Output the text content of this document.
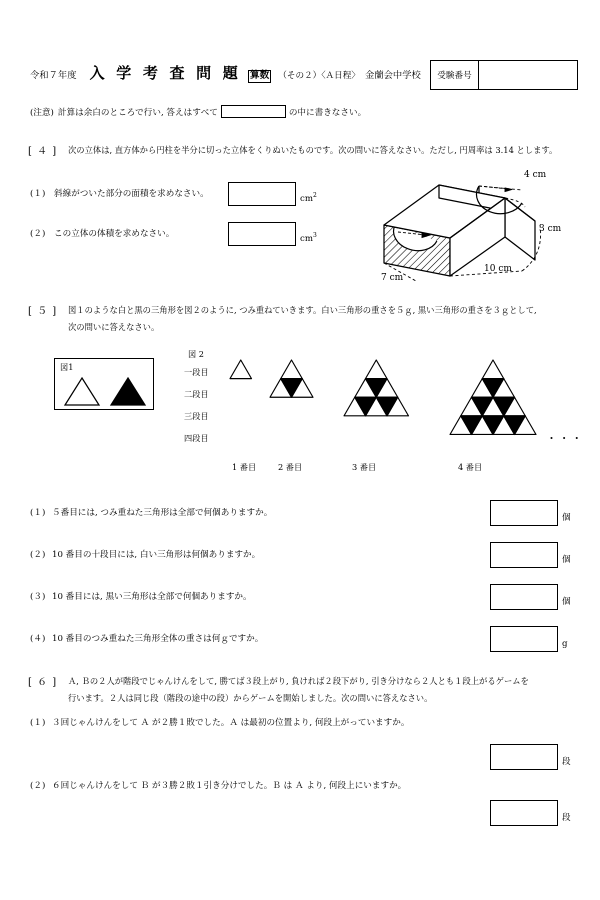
令和７年度 入 学 考 査 問 題 算数 （その２）〈Ａ日程〉 金蘭会中学校	受験番号
(注意) 計算は余白のところで行い, 答えはすべて	の中に書きなさい。
[ ４ ] 次の立体は, 直方体から円柱を半分に切った立体をくりぬいたものです。次の問いに答えなさい。ただし, 円周率は 3.14 とします。
(１) 斜線がついた部分の面積を求めなさい。	$cm^2$
(２) この立体の体積を求めなさい。	$cm^3$
4 cm
3 cm
7 cm
10 cm
[ ５ ] 図１のような白と黒の三角形を図２のように, つみ重ねていきます。白い三角形の重さを５ｇ, 黒い三角形の重さを３ｇとして,
次の問いに答えなさい。
図1
図 2
一段目
二段目
三段目
四段目	・・・
1 番目	2 番目	3 番目	4 番目
(１) ５番目には, つみ重ねた三角形は全部で何個ありますか。	個
(２) 10 番目の十段目には, 白い三角形は何個ありますか。	個
(３) 10 番目には, 黒い三角形は全部で何個ありますか。	個
(４) 10 番目のつみ重ねた三角形全体の重さは何ｇですか。	g
[ ６ ] Ａ, Ｂの２人が階段でじゃんけんをして, 勝てば３段上がり, 負ければ２段下がり, 引き分けなら２人とも１段上がるゲームを
行います。２人は同じ段（階段の途中の段）からゲームを開始しました。次の問いに答えなさい。
(１) ３回じゃんけんをして Ａ が２勝１敗でした。Ａ は最初の位置より, 何段上がっていますか。
段
(２) ６回じゃんけんをして Ｂ が３勝２敗１引き分けでした。Ｂ は Ａ より, 何段上にいますか。
段
